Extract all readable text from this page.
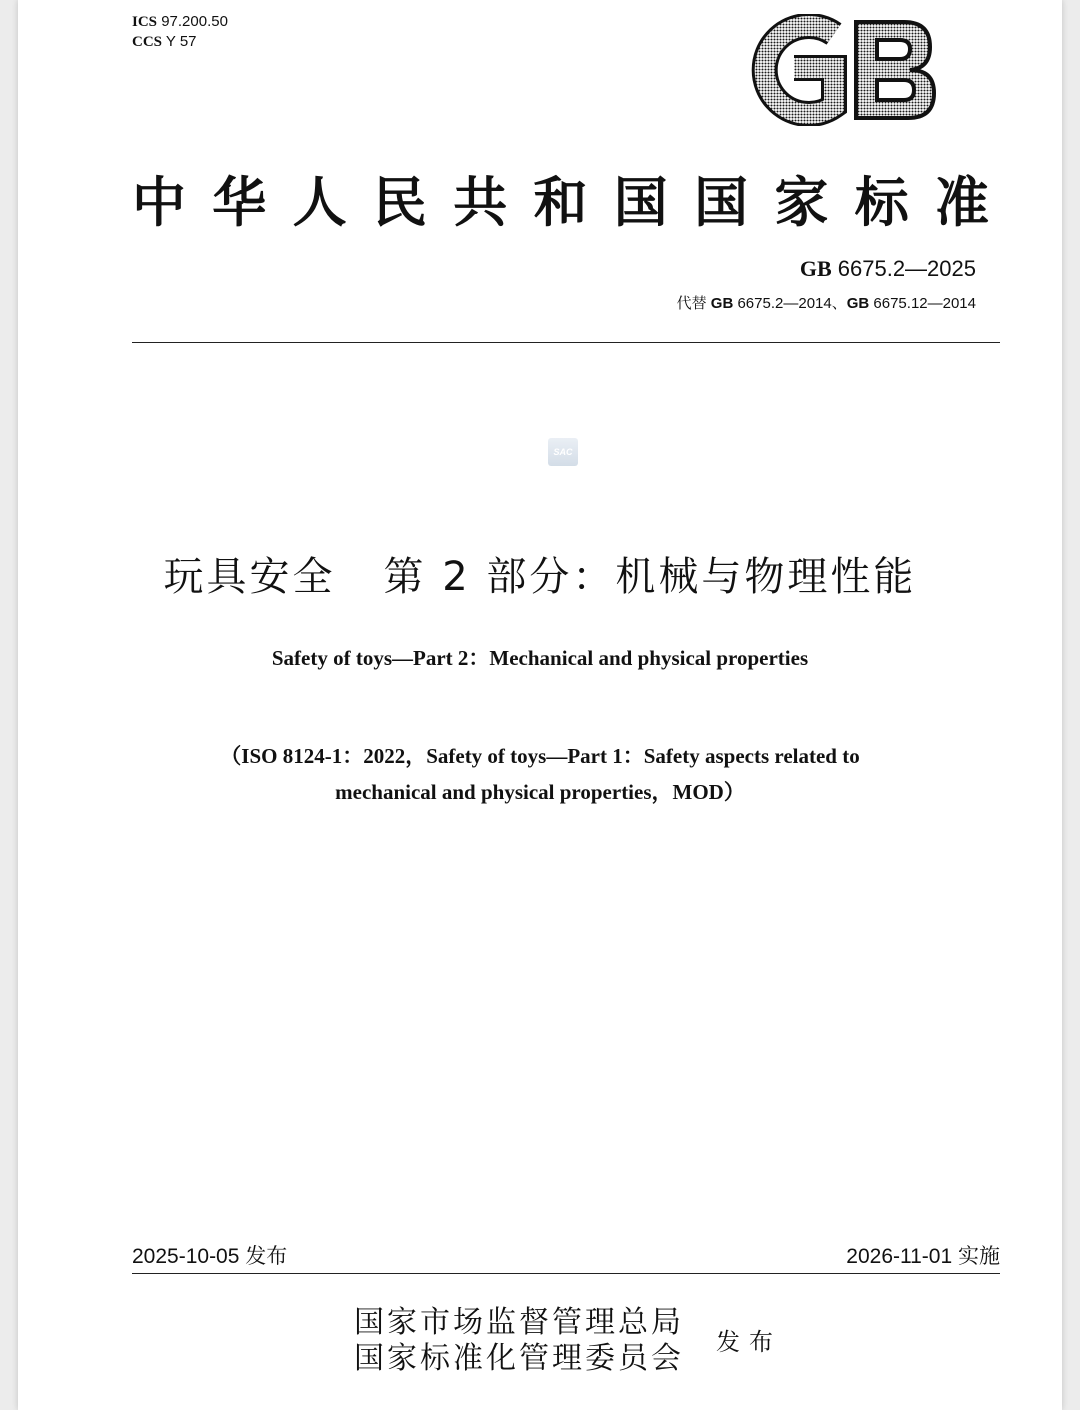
ICS 97.200.50
CCS Y 57
中华人民共和国国家标准
GB 6675.2—2025
代替 GB 6675.2—2014、GB 6675.12—2014
SAC
玩具安全 第 2 部分：机械与物理性能
Safety of toys—Part 2：Mechanical and physical properties
（ISO 8124-1：2022，Safety of toys—Part 1：Safety aspects related to
mechanical and physical properties，MOD）
2025-10-05 发布	2026-11-01 实施
国家市场监督管理总局
国家标准化管理委员会 发布
